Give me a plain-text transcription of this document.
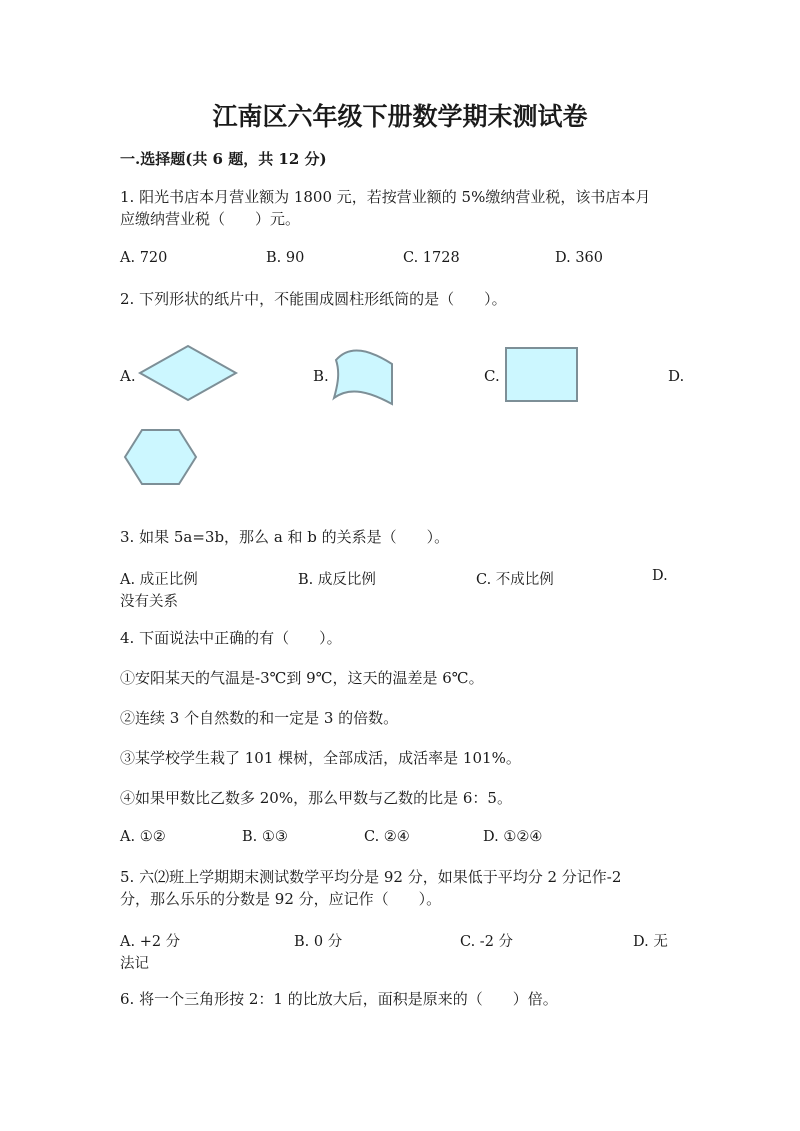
江南区六年级下册数学期末测试卷
一.选择题(共 6 题，共 12 分)
1. 阳光书店本月营业额为 1800 元，若按营业额的 5%缴纳营业税，该书店本月
应缴纳营业税（　　）元。
A. 720	B. 90	C. 1728	D. 360
2. 下列形状的纸片中，不能围成圆柱形纸筒的是（　　）。
A.	B.	C.	D.
3. 如果 5a=3b，那么 a 和 b 的关系是（　　）。
A. 成正比例	B. 成反比例	C. 不成比例	D.
没有关系
4. 下面说法中正确的有（　　）。
①安阳某天的气温是-3℃到 9℃，这天的温差是 6℃。
②连续 3 个自然数的和一定是 3 的倍数。
③某学校学生栽了 101 棵树，全部成活，成活率是 101%。
④如果甲数比乙数多 20%，那么甲数与乙数的比是 6：5。
A. ①②	B. ①③	C. ②④	D. ①②④
5. 六⑵班上学期期末测试数学平均分是 92 分，如果低于平均分 2 分记作-2
分，那么乐乐的分数是 92 分，应记作（　　）。
A. +2 分	B. 0 分	C. -2 分	D. 无
法记
6. 将一个三角形按 2：1 的比放大后，面积是原来的（　　）倍。
